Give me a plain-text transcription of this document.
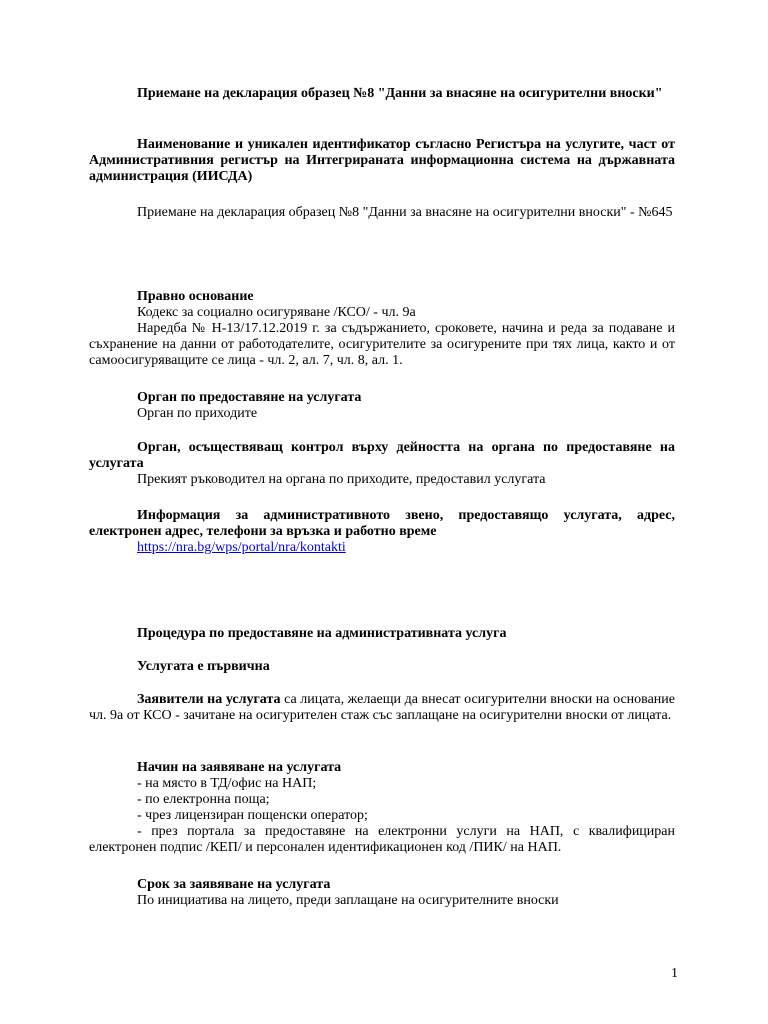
Приемане на декларация образец №8 "Данни за внасяне на осигурителни вноски"

Наименование и уникален идентификатор съгласно Регистъра на услугите, част от Административния регистър на Интегрираната информационна система на държавната администрация (ИИСДА)

Приемане на декларация образец №8 "Данни за внасяне на осигурителни вноски" - №645

Правно основание

Кодекс за социално осигуряване /КСО/ - чл. 9а

Наредба № Н-13/17.12.2019 г. за съдържанието, сроковете, начина и реда за подаване и съхранение на данни от работодателите, осигурителите за осигурените при тях лица, както и от самоосигуряващите се лица - чл. 2, ал. 7, чл. 8, ал. 1.

Орган по предоставяне на услугата

Орган по приходите

Орган, осъществяващ контрол върху дейността на органа по предоставяне на услугата

Прекият ръководител на органа по приходите, предоставил услугата

Информация за административното звено, предоставящо услугата, адрес, електронен адрес, телефони за връзка и работно време

https://nra.bg/wps/portal/nra/kontakti

Процедура по предоставяне на административната услуга

Услугата е първична

Заявители на услугата са лицата, желаещи да внесат осигурителни вноски на основание чл. 9а от КСО - зачитане на осигурителен стаж със заплащане на осигурителни вноски от лицата.

Начин на заявяване на услугата

- на място в ТД/офис на НАП;

- по електронна поща;

- чрез лицензиран пощенски оператор;

- през портала за предоставяне на електронни услуги на НАП, с квалифициран електронен подпис /КЕП/ и персонален идентификационен код /ПИК/ на НАП.

Срок за заявяване на услугата

По инициатива на лицето, преди заплащане на осигурителните вноски

1
